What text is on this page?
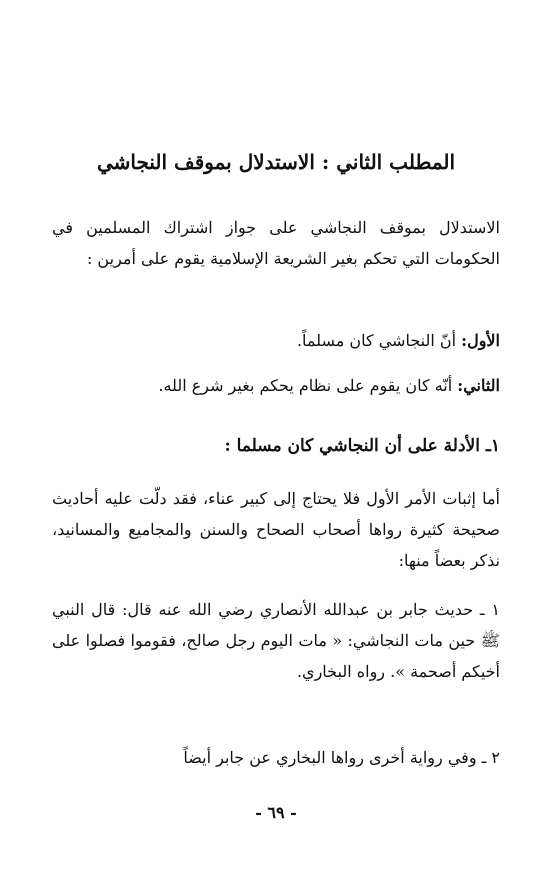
المطلب الثاني : الاستدلال بموقف النجاشي

الاستدلال بموقف النجاشي على جواز اشتراك المسلمين في الحكومات التي تحكم بغير الشريعة الإسلامية يقوم على أمرين :

الأول: أنّ النجاشي كان مسلماً.

الثاني: أنّه كان يقوم على نظام يحكم بغير شرع الله.

١ـ الأدلة على أن النجاشي كان مسلما :

أما إثبات الأمر الأول فلا يحتاج إلى كبير عناء، فقد دلّت عليه أحاديث صحيحة كثيرة رواها أصحاب الصحاح والسنن والمجاميع والمسانيد، نذكر بعضاً منها:

١ ـ حديث جابر بن عبدالله الأنصاري رضي الله عنه قال: قال النبي ﷺ حين مات النجاشي: « مات اليوم رجل صالح، فقوموا فصلوا على أخيكم أصحمة ». رواه البخاري.

٢ ـ وفي رواية أخرى رواها البخاري عن جابر أيضاً

- ٦٩ -
